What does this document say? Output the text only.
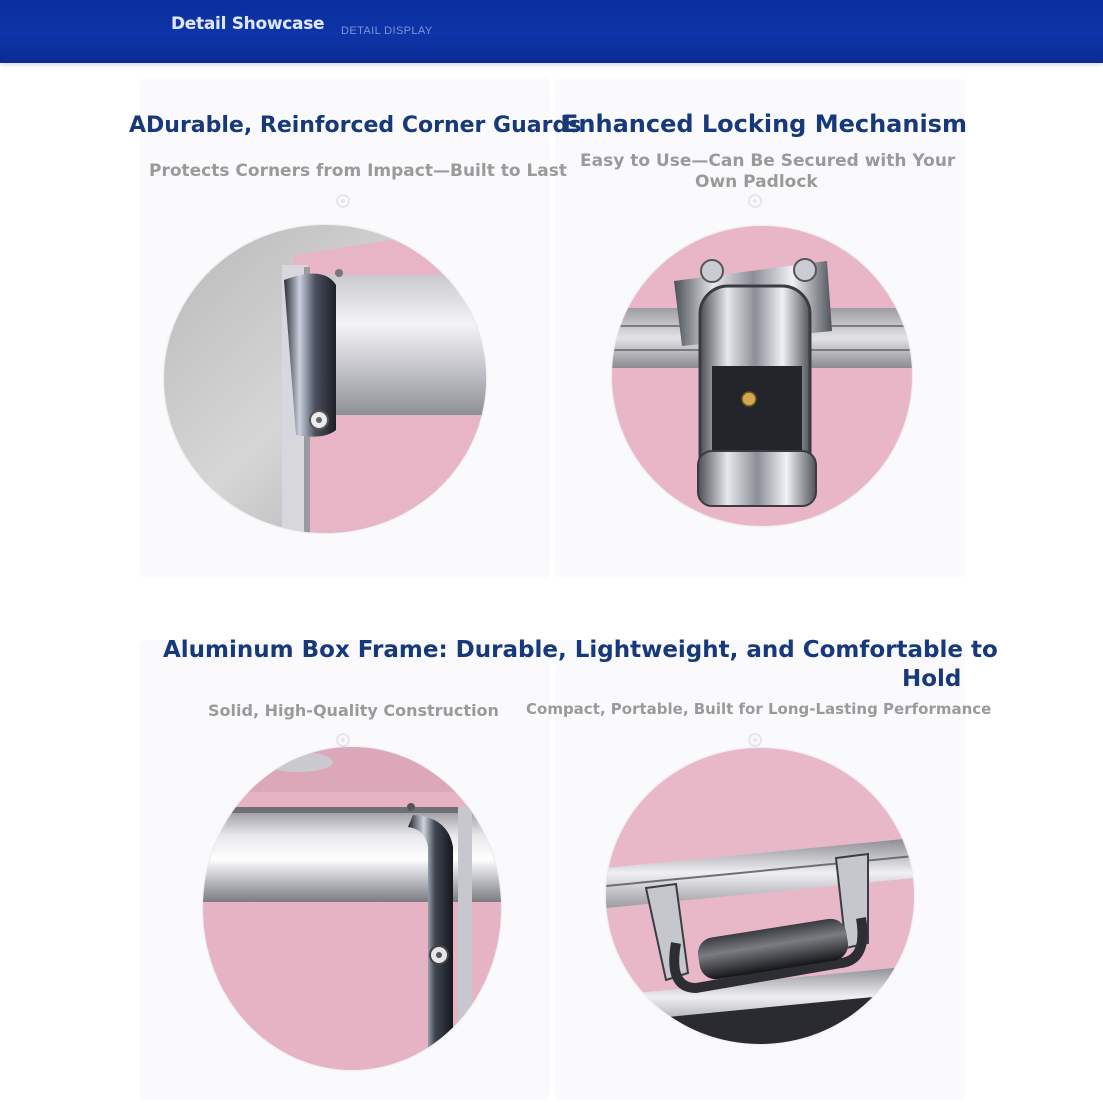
Detail Showcase DETAIL DISPLAY
ADurable, Reinforced Corner Guards
Protects Corners from Impact—Built to Last
Enhanced Locking Mechanism
Easy to Use—Can Be Secured with Your
Own Padlock
Aluminum Box Frame: Durable, Lightweight, and Comfortable to
Hold
Solid, High-Quality Construction Compact, Portable, Built for Long-Lasting Performance
